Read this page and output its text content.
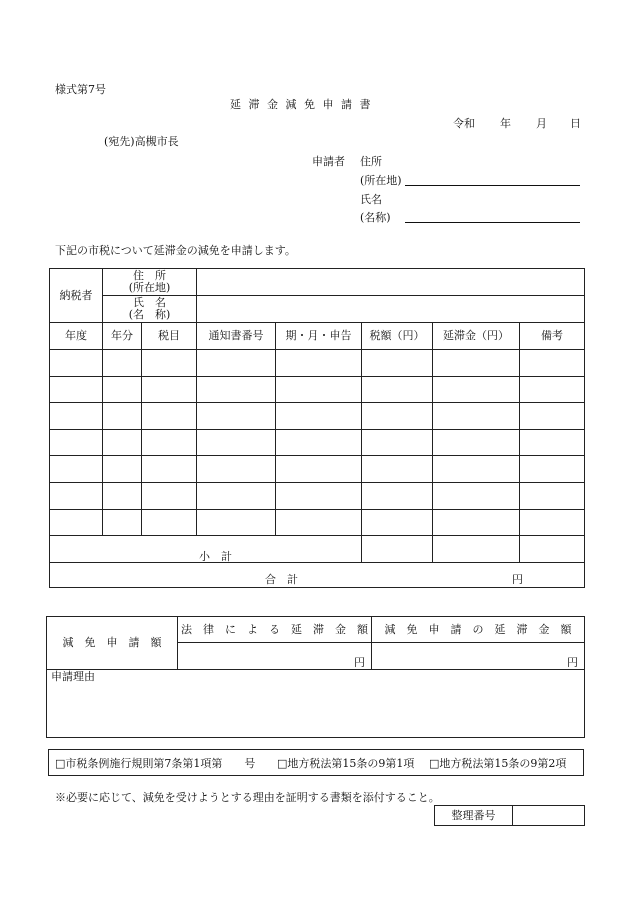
様式第7号
延 滞 金 減 免 申 請 書
令和 年 月 日
(宛先)高槻市長
申請者 住所
(所在地)
氏名
(名称)
下記の市税について延滞金の減免を申請します。
納税者	住　所
(所在地)						

	氏　名
(名　称)						

年度	年分	税目	通知書番号	期・月・申告	税額（円）	延滞金（円）	備考

小　計							

合　計 円							
減　免　申　請　額	法　律　に　よ　る　延　滞　金　額	減　免　申　請　の　延　滞　金　額
	円	円
申請理由		
□市税条例施行規則第7条第1項第　　号 □地方税法第15条の9第1項 □地方税法第15条の9第2項
※必要に応じて、減免を受けようとする理由を証明する書類を添付すること。
整理番号	
